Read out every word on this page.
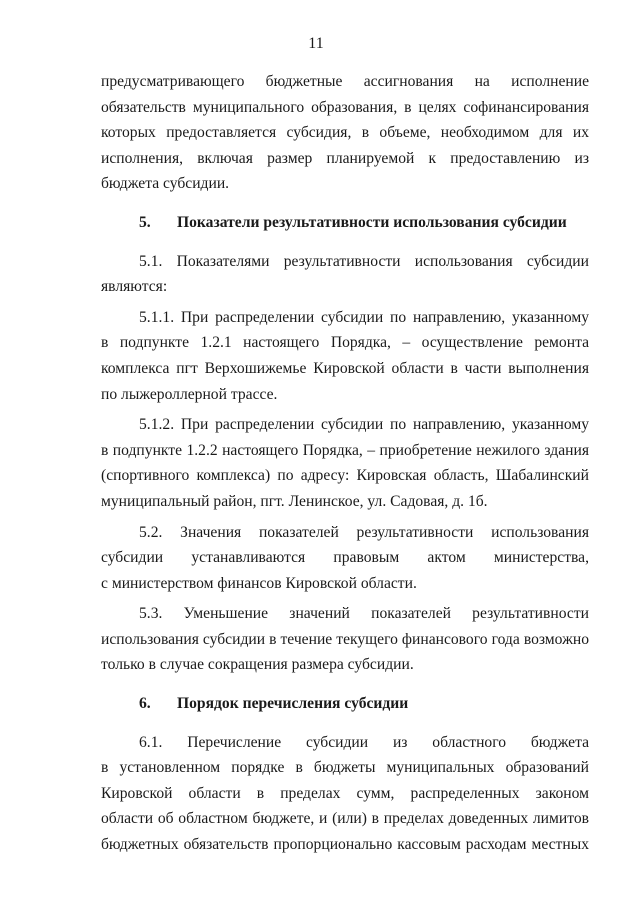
11
предусматривающего бюджетные ассигнования на исполнение
обязательств муниципального образования, в целях софинансирования
которых предоставляется субсидия, в объеме, необходимом для их
исполнения, включая размер планируемой к предоставлению из
бюджета субсидии.
5. Показатели результативности использования субсидии
5.1. Показателями результативности использования субсидии
являются:
5.1.1. При распределении субсидии по направлению, указанному
в подпункте 1.2.1 настоящего Порядка, – осуществление ремонта
комплекса пгт Верхошижемье Кировской области в части выполнения
по лыжероллерной трассе.
5.1.2. При распределении субсидии по направлению, указанному
в подпункте 1.2.2 настоящего Порядка, – приобретение нежилого здания
(спортивного комплекса) по адресу: Кировская область, Шабалинский
муниципальный район, пгт. Ленинское, ул. Садовая, д. 1б.
5.2. Значения показателей результативности использования
субсидии устанавливаются правовым актом министерства,
с министерством финансов Кировской области.
5.3. Уменьшение значений показателей результативности
использования субсидии в течение текущего финансового года возможно
только в случае сокращения размера субсидии.
6. Порядок перечисления субсидии
6.1. Перечисление субсидии из областного бюджета
в установленном порядке в бюджеты муниципальных образований
Кировской области в пределах сумм, распределенных законом
области об областном бюджете, и (или) в пределах доведенных лимитов
бюджетных обязательств пропорционально кассовым расходам местных
